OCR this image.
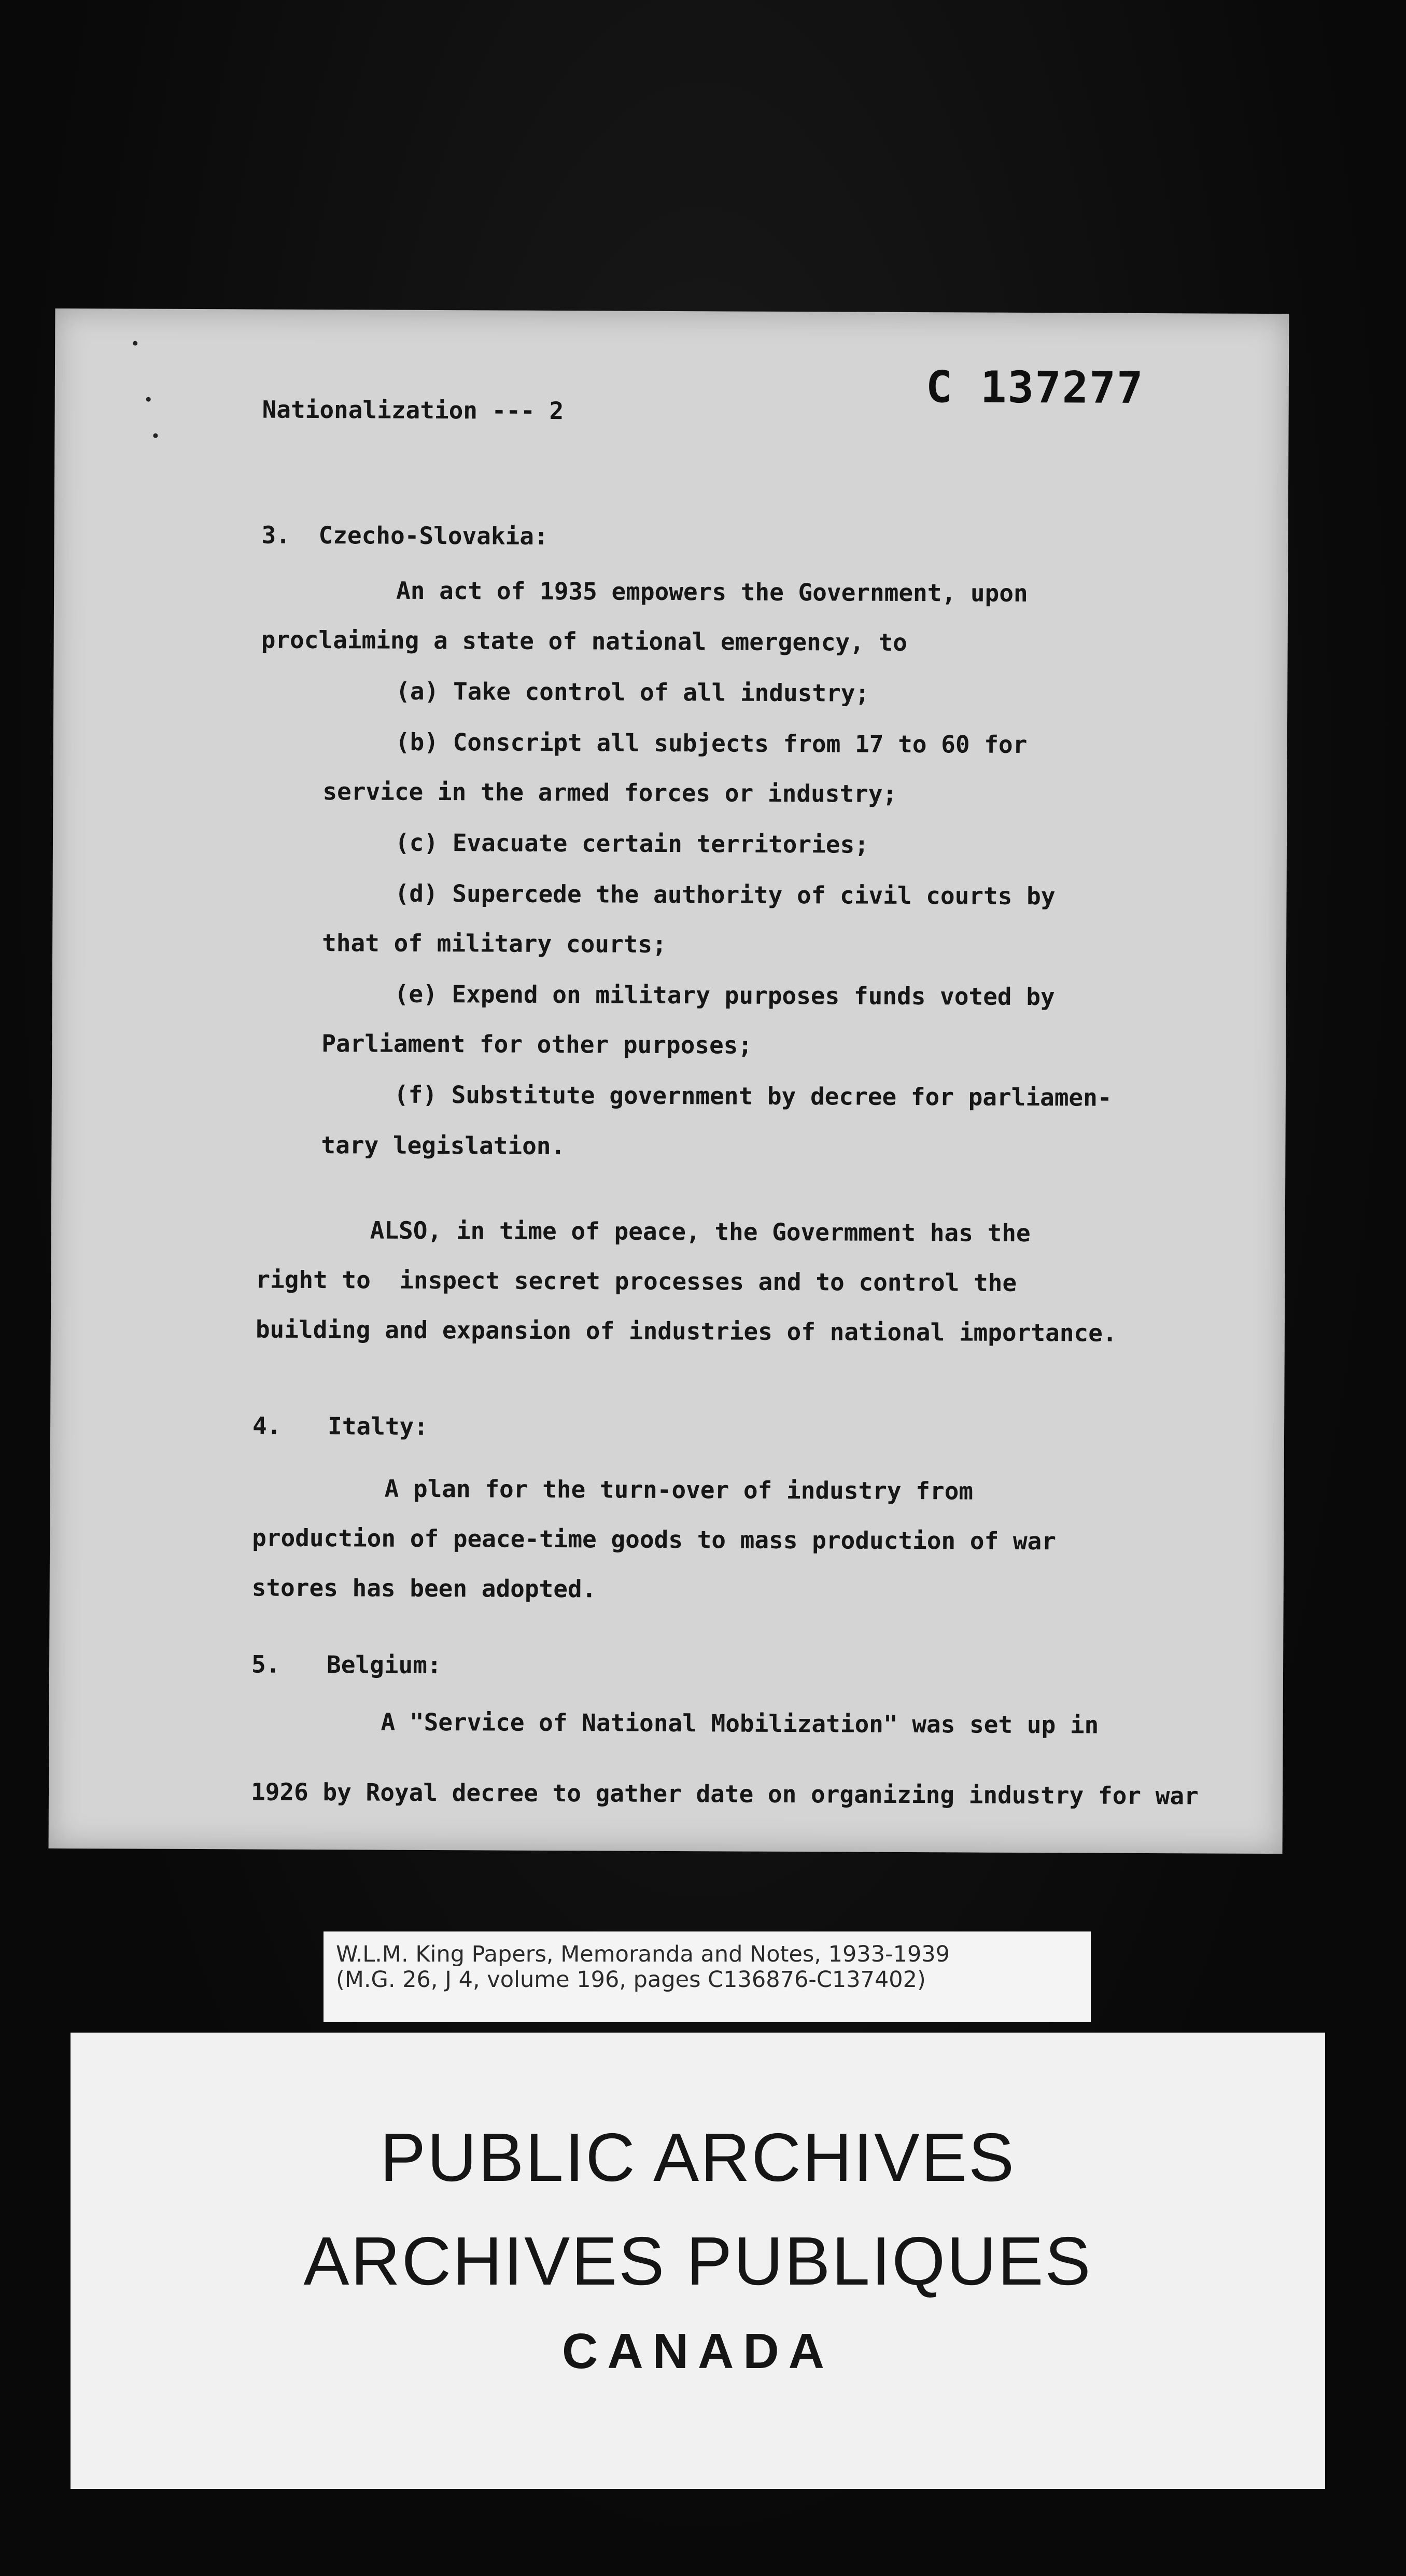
Nationalization --- 2	C 137277

3. Czecho-Slovakia:

An act of 1935 empowers the Government, upon

proclaiming a state of national emergency, to

(a) Take control of all industry;

(b) Conscript all subjects from 17 to 60 for

service in the armed forces or industry;

(c) Evacuate certain territories;

(d) Supercede the authority of civil courts by

that of military courts;

(e) Expend on military purposes funds voted by

Parliament for other purposes;

(f) Substitute government by decree for parliamen-

tary legislation.

ALSO, in time of peace, the Govermment has the

right to  inspect secret processes and to control the

building and expansion of industries of national importance.

4. Italty:

A plan for the turn-over of industry from

production of peace-time goods to mass production of war

stores has been adopted.

5. Belgium:

A "Service of National Mobilization" was set up in

1926 by Royal decree to gather date on organizing industry for war

W.L.M. King Papers, Memoranda and Notes, 1933-1939

(M.G. 26, J 4, volume 196, pages C136876-C137402)

PUBLIC ARCHIVES

ARCHIVES PUBLIQUES

CANADA
